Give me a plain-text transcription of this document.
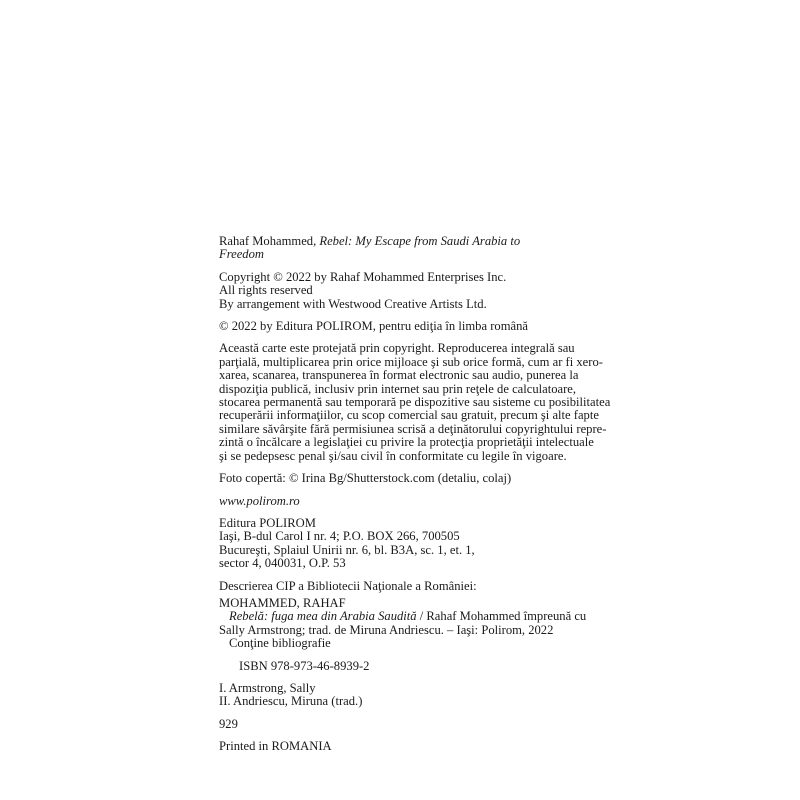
Rahaf Mohammed, Rebel: My Escape from Saudi Arabia to Freedom

Copyright © 2022 by Rahaf Mohammed Enterprises Inc.
All rights reserved
By arrangement with Westwood Creative Artists Ltd.

© 2022 by Editura POLIROM, pentru ediţia în limba română

Această carte este protejată prin copyright. Reproducerea integrală sau
parţială, multiplicarea prin orice mijloace şi sub orice formă, cum ar fi xero-
xarea, scanarea, transpunerea în format electronic sau audio, punerea la
dispoziţia publică, inclusiv prin internet sau prin reţele de calculatoare,
stocarea permanentă sau temporară pe dispozitive sau sisteme cu posibilitatea
recuperării informaţiilor, cu scop comercial sau gratuit, precum şi alte fapte
similare săvârşite fără permisiunea scrisă a deţinătorului copyrightului repre-
zintă o încălcare a legislaţiei cu privire la protecţia proprietăţii intelectuale
şi se pedepsesc penal şi/sau civil în conformitate cu legile în vigoare.

Foto copertă: © Irina Bg/Shutterstock.com (detaliu, colaj)

www.polirom.ro

Editura POLIROM
Iaşi, B-dul Carol I nr. 4; P.O. BOX 266, 700505
Bucureşti, Splaiul Unirii nr. 6, bl. B3A, sc. 1, et. 1,
sector 4, 040031, O.P. 53
Descrierea CIP a Bibliotecii Naţionale a României:
MOHAMMED, RAHAF
Rebelă: fuga mea din Arabia Saudită / Rahaf Mohammed împreună cu
Sally Armstrong; trad. de Miruna Andriescu. – Iaşi: Polirom, 2022
Conţine bibliografie
ISBN 978-973-46-8939-2
I. Armstrong, Sally
II. Andriescu, Miruna (trad.)

929

Printed in ROMANIA
